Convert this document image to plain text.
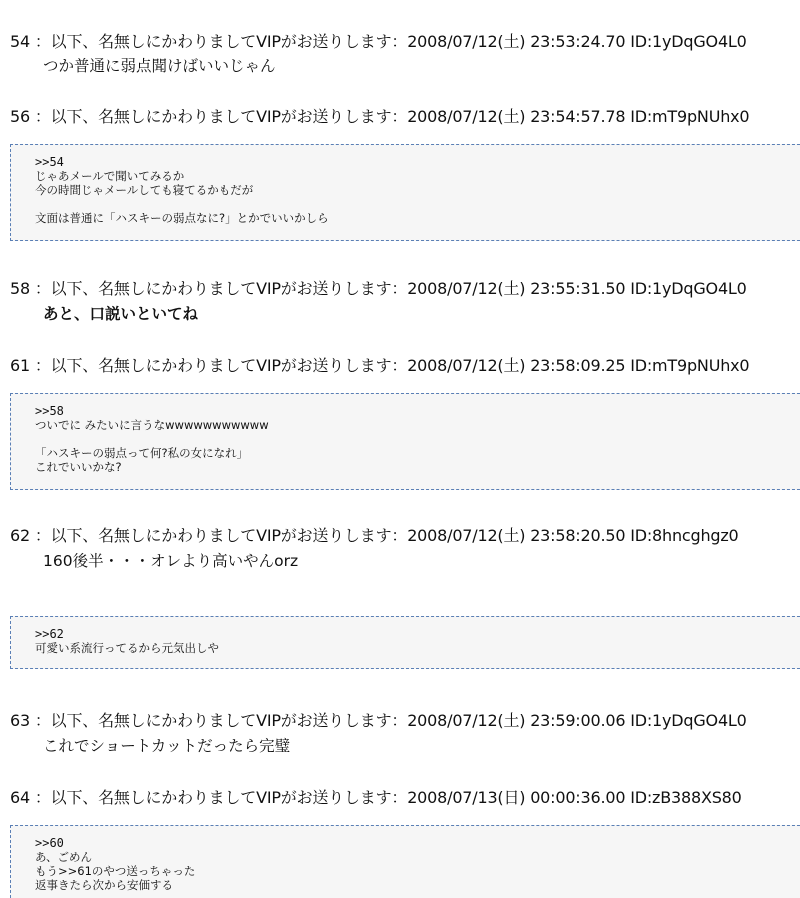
54 ：以下、名無しにかわりましてVIPがお送りします：2008/07/12(土) 23:53:24.70 ID:1yDqGO4L0
つか普通に弱点聞けばいいじゃん
56 ：以下、名無しにかわりましてVIPがお送りします：2008/07/12(土) 23:54:57.78 ID:mT9pNUhx0
>>54
じゃあメールで聞いてみるか
今の時間じゃメールしても寝てるかもだが
文面は普通に「ハスキーの弱点なに?」とかでいいかしら
58 ：以下、名無しにかわりましてVIPがお送りします：2008/07/12(土) 23:55:31.50 ID:1yDqGO4L0
あと、口説いといてね
61 ：以下、名無しにかわりましてVIPがお送りします：2008/07/12(土) 23:58:09.25 ID:mT9pNUhx0
>>58
ついでに みたいに言うなwwwwwwwwwww
「ハスキーの弱点って何?私の女になれ」
これでいいかな?
62 ：以下、名無しにかわりましてVIPがお送りします：2008/07/12(土) 23:58:20.50 ID:8hncghgz0
160後半・・・オレより高いやんorz
>>62
可愛い系流行ってるから元気出しや
63 ：以下、名無しにかわりましてVIPがお送りします：2008/07/12(土) 23:59:00.06 ID:1yDqGO4L0
これでショートカットだったら完璧
64 ：以下、名無しにかわりましてVIPがお送りします：2008/07/13(日) 00:00:36.00 ID:zB388XS80
>>60
あ、ごめん
もう>>61のやつ送っちゃった
返事きたら次から安価する
